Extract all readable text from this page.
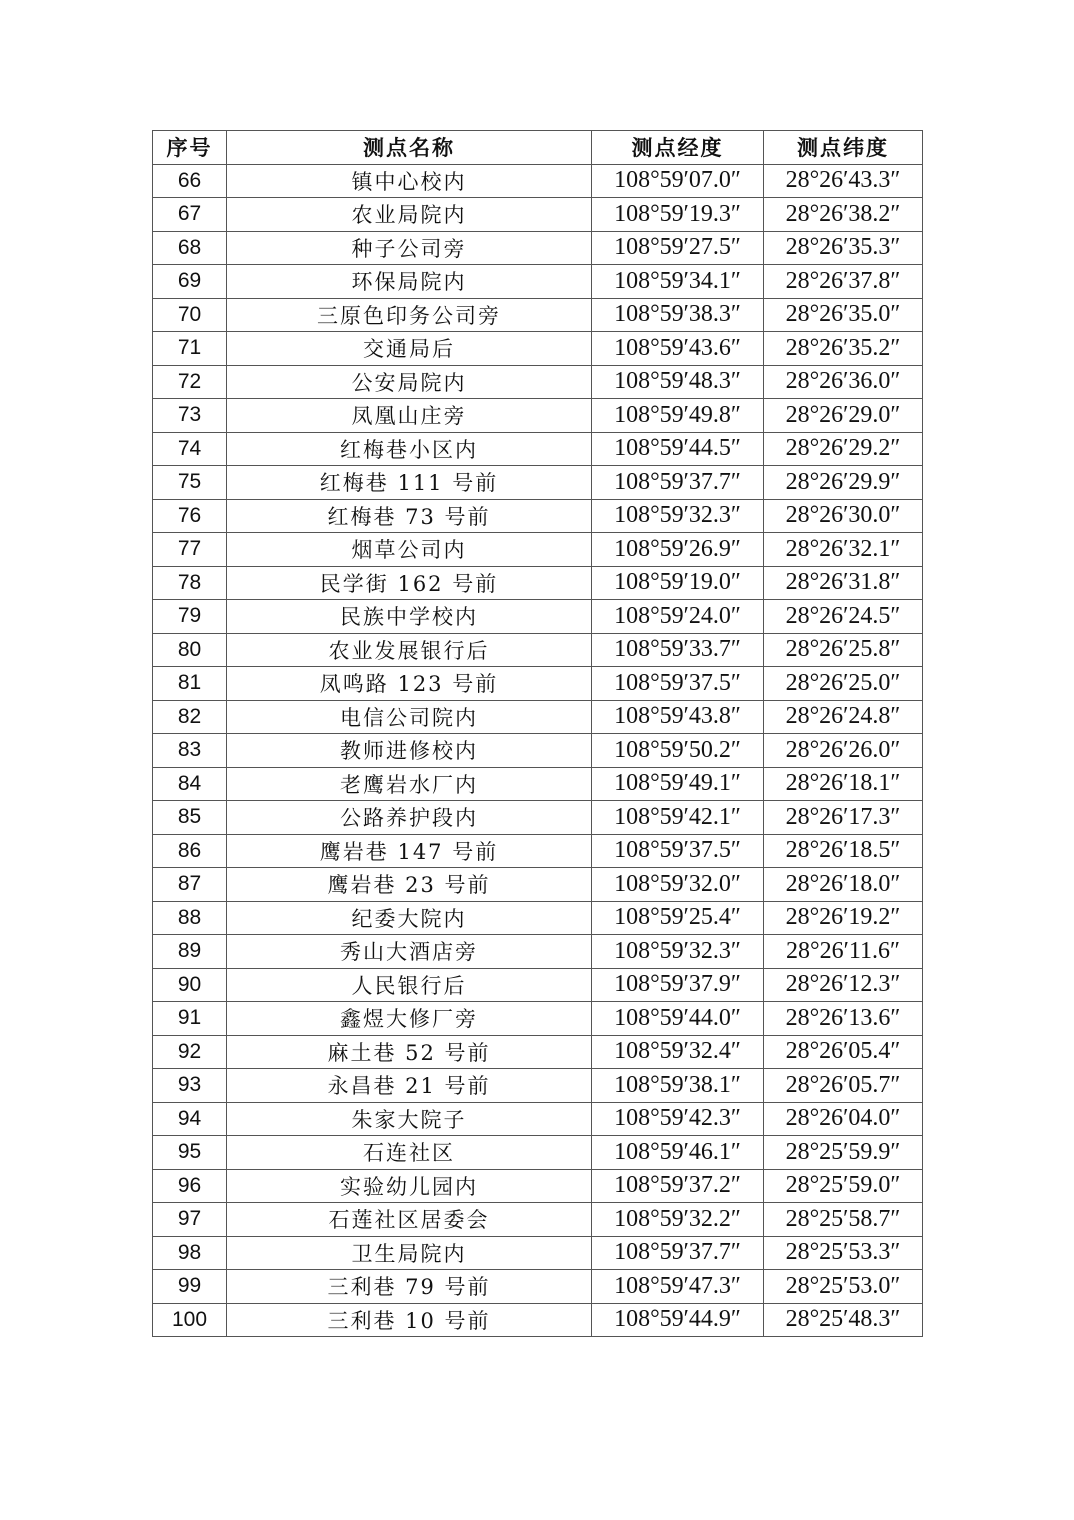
序号	测点名称	测点经度	测点纬度
66	镇中心校内	108°59′07.0″	28°26′43.3″
67	农业局院内	108°59′19.3″	28°26′38.2″
68	种子公司旁	108°59′27.5″	28°26′35.3″
69	环保局院内	108°59′34.1″	28°26′37.8″
70	三原色印务公司旁	108°59′38.3″	28°26′35.0″
71	交通局后	108°59′43.6″	28°26′35.2″
72	公安局院内	108°59′48.3″	28°26′36.0″
73	凤凰山庄旁	108°59′49.8″	28°26′29.0″
74	红梅巷小区内	108°59′44.5″	28°26′29.2″
75	红梅巷 111 号前	108°59′37.7″	28°26′29.9″
76	红梅巷 73 号前	108°59′32.3″	28°26′30.0″
77	烟草公司内	108°59′26.9″	28°26′32.1″
78	民学街 162 号前	108°59′19.0″	28°26′31.8″
79	民族中学校内	108°59′24.0″	28°26′24.5″
80	农业发展银行后	108°59′33.7″	28°26′25.8″
81	凤鸣路 123 号前	108°59′37.5″	28°26′25.0″
82	电信公司院内	108°59′43.8″	28°26′24.8″
83	教师进修校内	108°59′50.2″	28°26′26.0″
84	老鹰岩水厂内	108°59′49.1″	28°26′18.1″
85	公路养护段内	108°59′42.1″	28°26′17.3″
86	鹰岩巷 147 号前	108°59′37.5″	28°26′18.5″
87	鹰岩巷 23 号前	108°59′32.0″	28°26′18.0″
88	纪委大院内	108°59′25.4″	28°26′19.2″
89	秀山大酒店旁	108°59′32.3″	28°26′11.6″
90	人民银行后	108°59′37.9″	28°26′12.3″
91	鑫煜大修厂旁	108°59′44.0″	28°26′13.6″
92	麻土巷 52 号前	108°59′32.4″	28°26′05.4″
93	永昌巷 21 号前	108°59′38.1″	28°26′05.7″
94	朱家大院子	108°59′42.3″	28°26′04.0″
95	石连社区	108°59′46.1″	28°25′59.9″
96	实验幼儿园内	108°59′37.2″	28°25′59.0″
97	石莲社区居委会	108°59′32.2″	28°25′58.7″
98	卫生局院内	108°59′37.7″	28°25′53.3″
99	三利巷 79 号前	108°59′47.3″	28°25′53.0″
100	三利巷 10 号前	108°59′44.9″	28°25′48.3″
